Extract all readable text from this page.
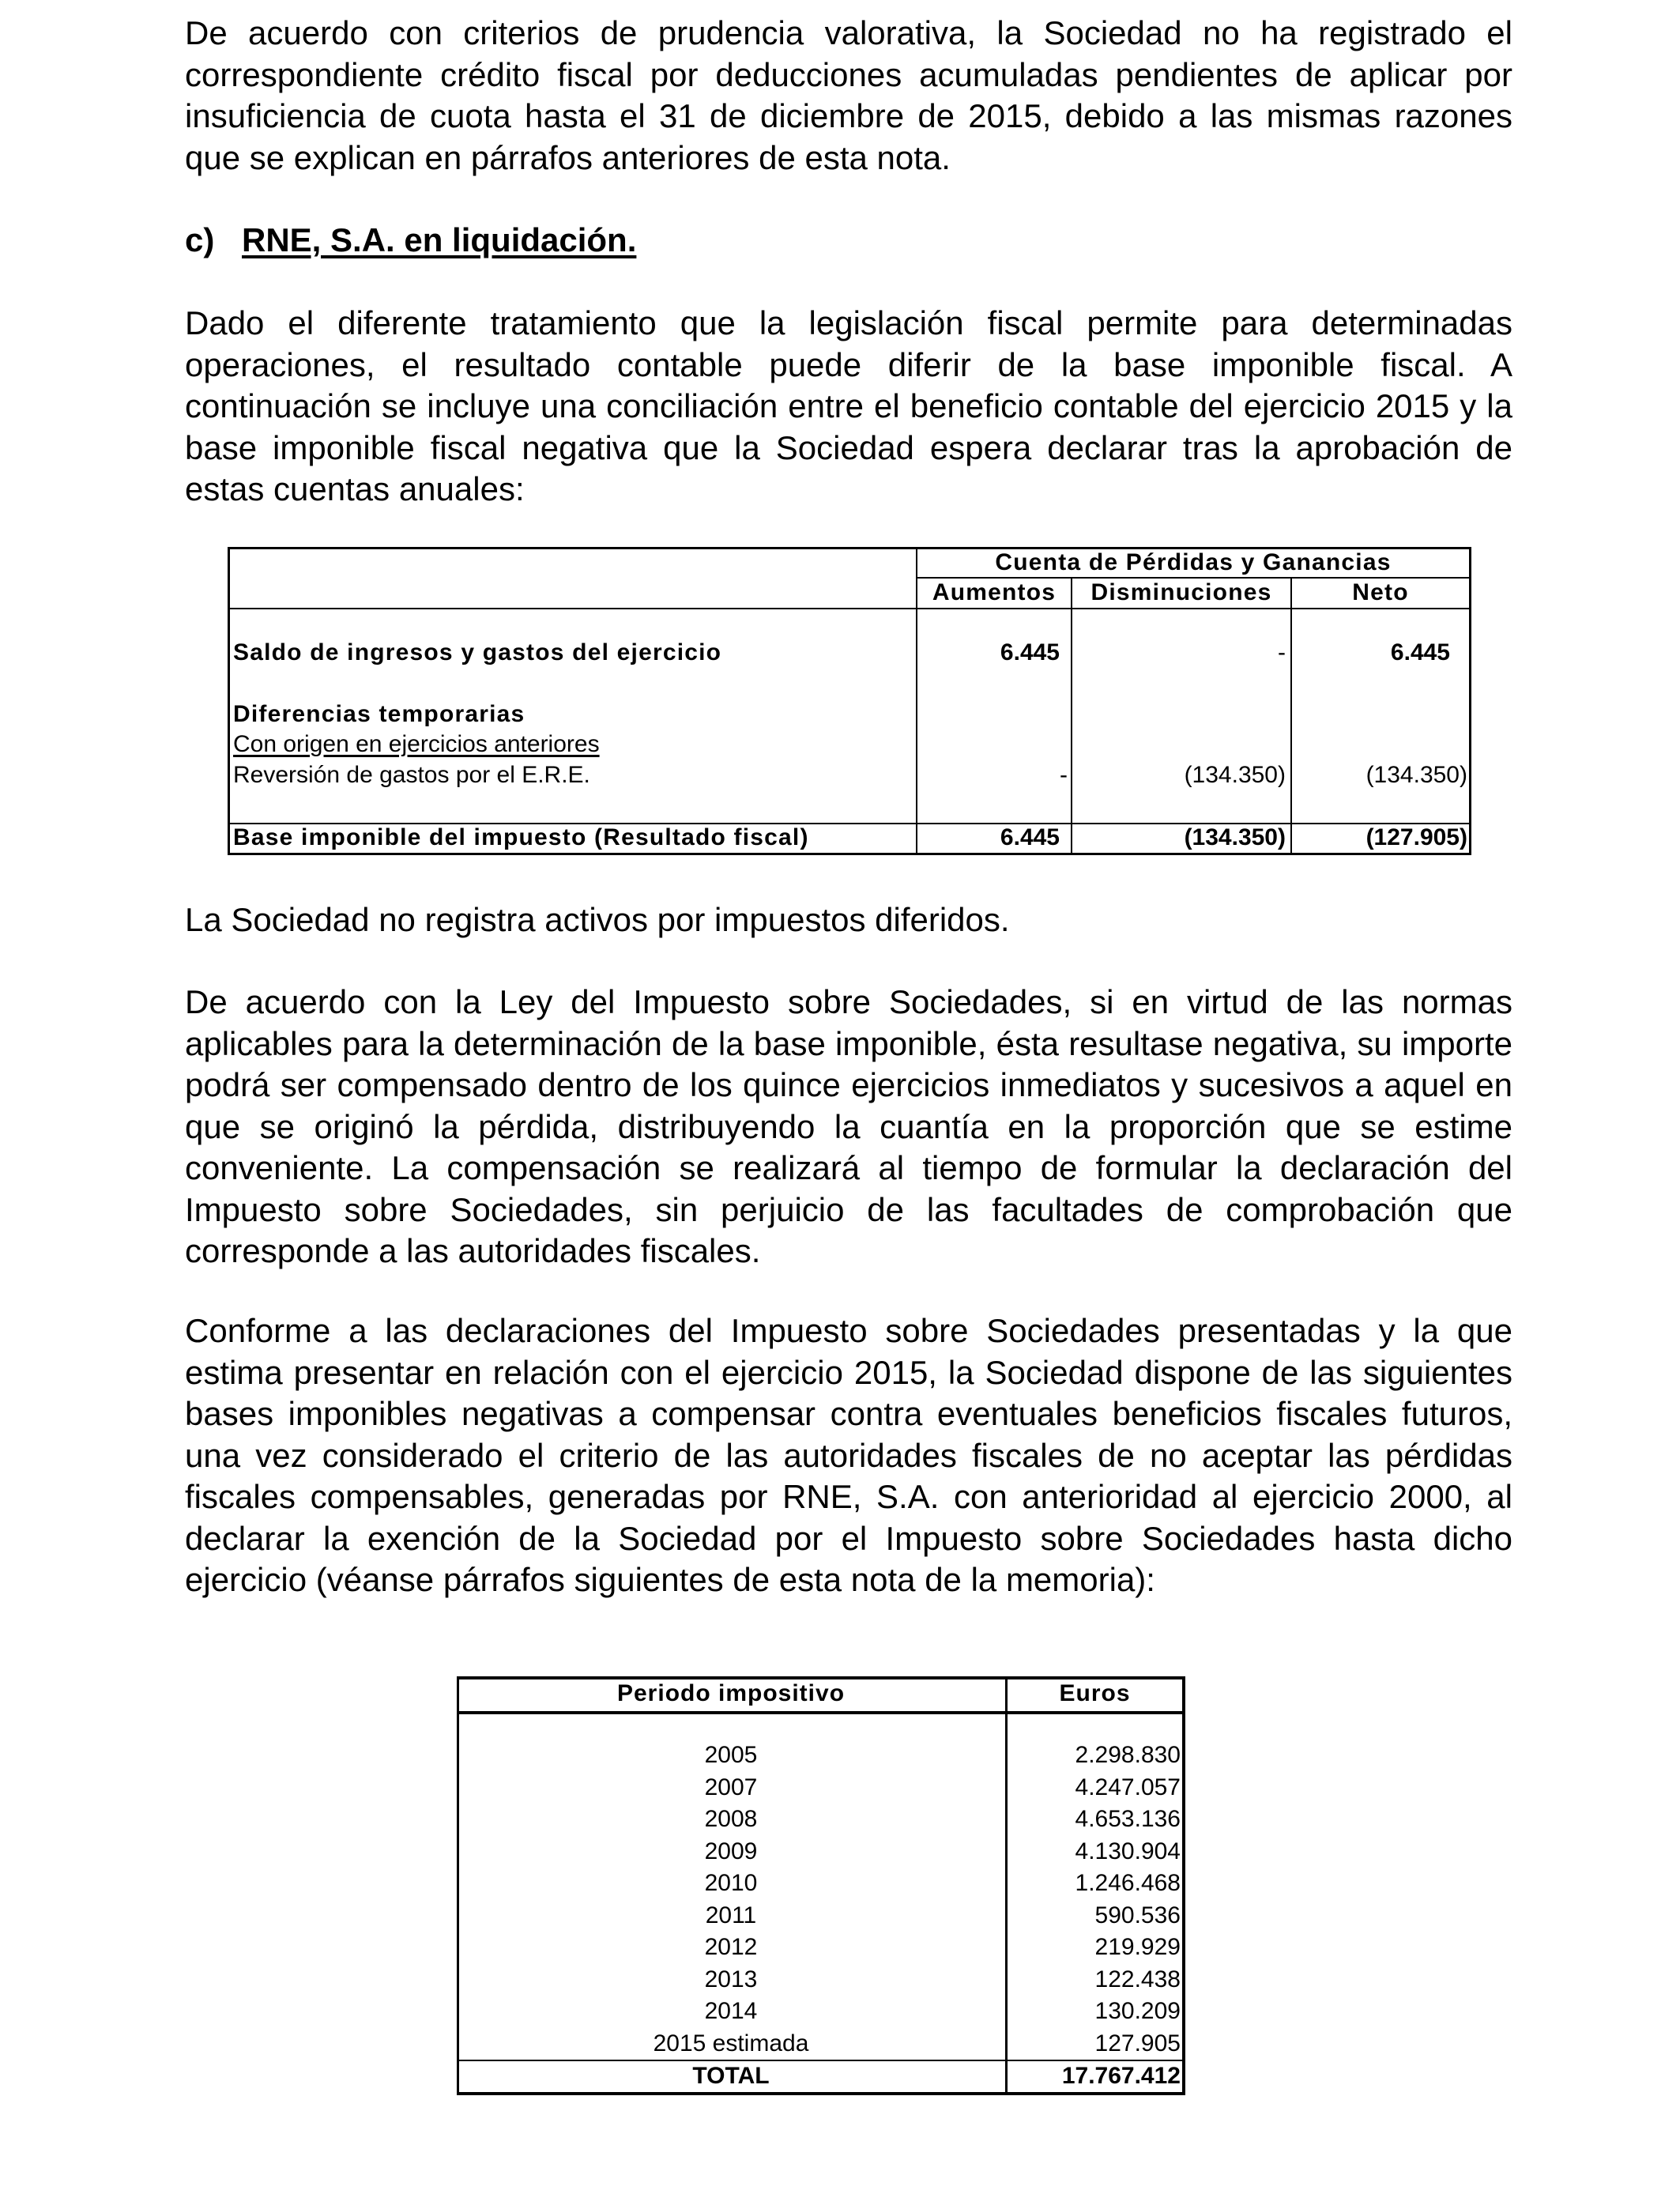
De acuerdo con criterios de prudencia valorativa, la Sociedad no ha registrado el correspondiente crédito fiscal por deducciones acumuladas pendientes de aplicar por insuficiencia de cuota hasta el 31 de diciembre de 2015, debido a las mismas razones que se explican en párrafos anteriores de esta nota.

c) RNE, S.A. en liquidación.

Dado el diferente tratamiento que la legislación fiscal permite para determinadas operaciones, el resultado contable puede diferir de la base imponible fiscal. A continuación se incluye una conciliación entre el beneficio contable del ejercicio 2015 y la base imponible fiscal negativa que la Sociedad espera declarar tras la aprobación de estas cuentas anuales:

Cuenta de Pérdidas y Ganancias
Aumentos	Disminuciones	Neto
Saldo de ingresos y gastos del ejercicio	6.445	-	6.445
Diferencias temporarias
Con origen en ejercicios anteriores
Reversión de gastos por el E.R.E.	-	(134.350)	(134.350)
Base imponible del impuesto (Resultado fiscal)	6.445	(134.350)	(127.905)

La Sociedad no registra activos por impuestos diferidos.

De acuerdo con la Ley del Impuesto sobre Sociedades, si en virtud de las normas aplicables para la determinación de la base imponible, ésta resultase negativa, su importe podrá ser compensado dentro de los quince ejercicios inmediatos y sucesivos a aquel en que se originó la pérdida, distribuyendo la cuantía en la proporción que se estime conveniente. La compensación se realizará al tiempo de formular la declaración del Impuesto sobre Sociedades, sin perjuicio de las facultades de comprobación que corresponde a las autoridades fiscales.

Conforme a las declaraciones del Impuesto sobre Sociedades presentadas y la que estima presentar en relación con el ejercicio 2015, la Sociedad dispone de las siguientes bases imponibles negativas a compensar contra eventuales beneficios fiscales futuros, una vez considerado el criterio de las autoridades fiscales de no aceptar las pérdidas fiscales compensables, generadas por RNE, S.A. con anterioridad al ejercicio 2000, al declarar la exención de la Sociedad por el Impuesto sobre Sociedades hasta dicho ejercicio (véanse párrafos siguientes de esta nota de la memoria):

Periodo impositivo	Euros
2005	2.298.830
2007	4.247.057
2008	4.653.136
2009	4.130.904
2010	1.246.468
2011	590.536
2012	219.929
2013	122.438
2014	130.209
2015 estimada	127.905
TOTAL	17.767.412
